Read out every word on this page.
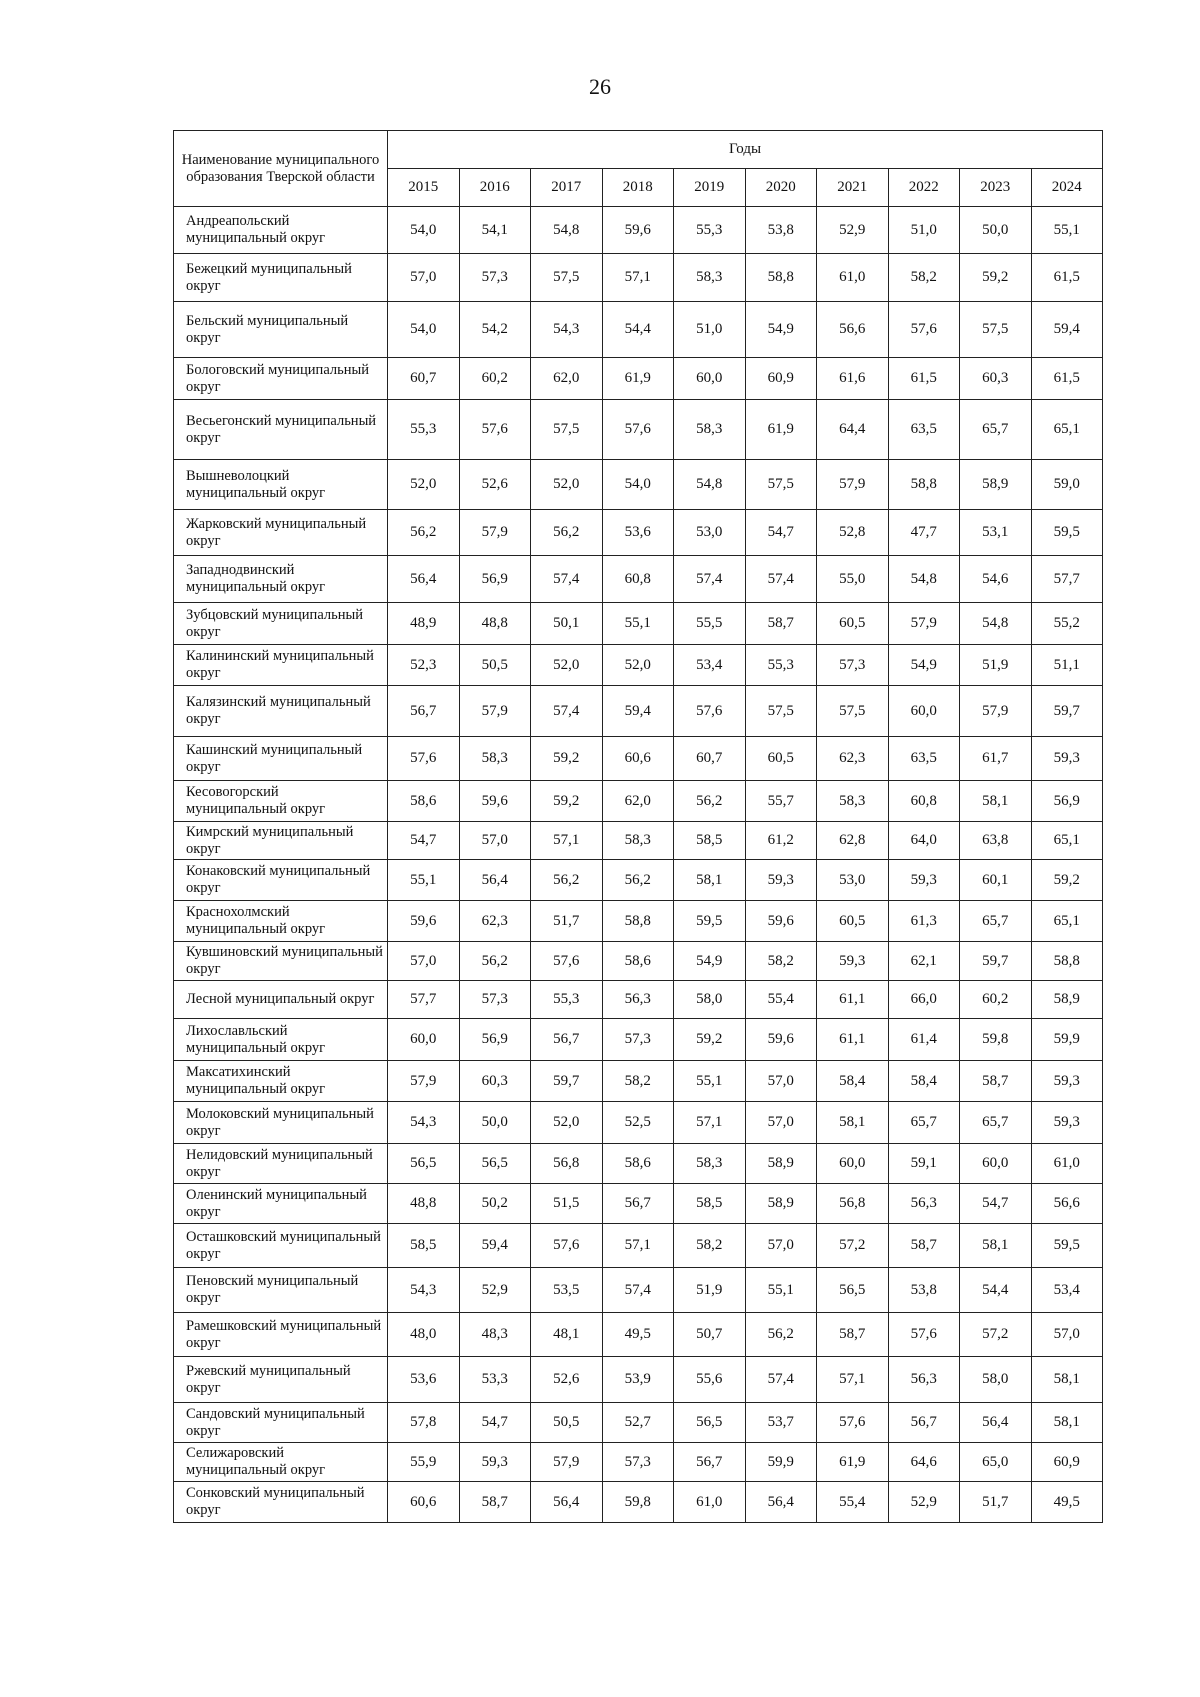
26
Наименование муниципального образования Тверской области	Годы									
	2015	2016	2017	2018	2019	2020	2021	2022	2023	2024
Андреапольский муниципальный округ	54,0	54,1	54,8	59,6	55,3	53,8	52,9	51,0	50,0	55,1
Бежецкий муниципальный округ	57,0	57,3	57,5	57,1	58,3	58,8	61,0	58,2	59,2	61,5
Бельский муниципальный округ	54,0	54,2	54,3	54,4	51,0	54,9	56,6	57,6	57,5	59,4
Бологовский муниципальный округ	60,7	60,2	62,0	61,9	60,0	60,9	61,6	61,5	60,3	61,5
Весьегонский муниципальный округ	55,3	57,6	57,5	57,6	58,3	61,9	64,4	63,5	65,7	65,1
Вышневолоцкий муниципальный округ	52,0	52,6	52,0	54,0	54,8	57,5	57,9	58,8	58,9	59,0
Жарковский муниципальный округ	56,2	57,9	56,2	53,6	53,0	54,7	52,8	47,7	53,1	59,5
Западнодвинский муниципальный округ	56,4	56,9	57,4	60,8	57,4	57,4	55,0	54,8	54,6	57,7
Зубцовский муниципальный округ	48,9	48,8	50,1	55,1	55,5	58,7	60,5	57,9	54,8	55,2
Калининский муниципальный округ	52,3	50,5	52,0	52,0	53,4	55,3	57,3	54,9	51,9	51,1
Калязинский муниципальный округ	56,7	57,9	57,4	59,4	57,6	57,5	57,5	60,0	57,9	59,7
Кашинский муниципальный округ	57,6	58,3	59,2	60,6	60,7	60,5	62,3	63,5	61,7	59,3
Кесовогорский муниципальный округ	58,6	59,6	59,2	62,0	56,2	55,7	58,3	60,8	58,1	56,9
Кимрский муниципальный округ	54,7	57,0	57,1	58,3	58,5	61,2	62,8	64,0	63,8	65,1
Конаковский муниципальный округ	55,1	56,4	56,2	56,2	58,1	59,3	53,0	59,3	60,1	59,2
Краснохолмский муниципальный округ	59,6	62,3	51,7	58,8	59,5	59,6	60,5	61,3	65,7	65,1
Кувшиновский муниципальный округ	57,0	56,2	57,6	58,6	54,9	58,2	59,3	62,1	59,7	58,8
Лесной муниципальный округ	57,7	57,3	55,3	56,3	58,0	55,4	61,1	66,0	60,2	58,9
Лихославльский муниципальный округ	60,0	56,9	56,7	57,3	59,2	59,6	61,1	61,4	59,8	59,9
Максатихинский муниципальный округ	57,9	60,3	59,7	58,2	55,1	57,0	58,4	58,4	58,7	59,3
Молоковский муниципальный округ	54,3	50,0	52,0	52,5	57,1	57,0	58,1	65,7	65,7	59,3
Нелидовский муниципальный округ	56,5	56,5	56,8	58,6	58,3	58,9	60,0	59,1	60,0	61,0
Оленинский муниципальный округ	48,8	50,2	51,5	56,7	58,5	58,9	56,8	56,3	54,7	56,6
Осташковский муниципальный округ	58,5	59,4	57,6	57,1	58,2	57,0	57,2	58,7	58,1	59,5
Пеновский муниципальный округ	54,3	52,9	53,5	57,4	51,9	55,1	56,5	53,8	54,4	53,4
Рамешковский муниципальный округ	48,0	48,3	48,1	49,5	50,7	56,2	58,7	57,6	57,2	57,0
Ржевский муниципальный округ	53,6	53,3	52,6	53,9	55,6	57,4	57,1	56,3	58,0	58,1
Сандовский муниципальный округ	57,8	54,7	50,5	52,7	56,5	53,7	57,6	56,7	56,4	58,1
Селижаровский муниципальный округ	55,9	59,3	57,9	57,3	56,7	59,9	61,9	64,6	65,0	60,9
Сонковский муниципальный округ	60,6	58,7	56,4	59,8	61,0	56,4	55,4	52,9	51,7	49,5
